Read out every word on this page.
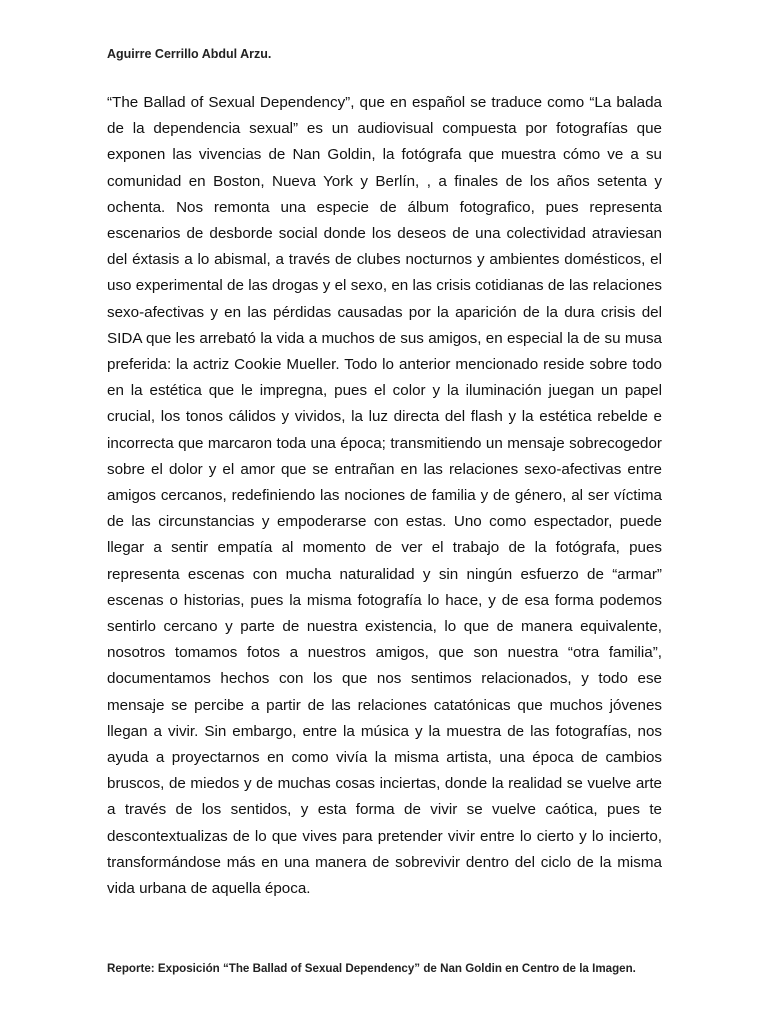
Aguirre Cerrillo Abdul Arzu.

“The Ballad of Sexual Dependency”, que en español se traduce como “La balada de la dependencia sexual” es un audiovisual compuesta por fotografías que exponen las vivencias de Nan Goldin, la fotógrafa que muestra cómo ve a su comunidad en Boston, Nueva York y Berlín, , a finales de los años setenta y ochenta. Nos remonta una especie de álbum fotografico, pues representa escenarios de desborde social donde los deseos de una colectividad atraviesan del éxtasis a lo abismal, a través de clubes nocturnos y ambientes domésticos, el uso experimental de las drogas y el sexo, en las crisis cotidianas de las relaciones sexo-afectivas y en las pérdidas causadas por la aparición de la dura crisis del SIDA que les arrebató la vida a muchos de sus amigos, en especial la de su musa preferida: la actriz Cookie Mueller. Todo lo anterior mencionado reside sobre todo en la estética que le impregna, pues el color y la iluminación juegan un papel crucial, los tonos cálidos y vividos, la luz directa del flash y la estética rebelde e incorrecta que marcaron toda una época; transmitiendo un mensaje sobrecogedor sobre el dolor y el amor que se entrañan en las relaciones sexo-afectivas entre amigos cercanos, redefiniendo las nociones de familia y de género, al ser víctima de las circunstancias y empoderarse con estas. Uno como espectador, puede llegar a sentir empatía al momento de ver el trabajo de la fotógrafa, pues representa escenas con mucha naturalidad y sin ningún esfuerzo de “armar” escenas o historias, pues la misma fotografía lo hace, y de esa forma podemos sentirlo cercano y parte de nuestra existencia, lo que de manera equivalente, nosotros tomamos fotos a nuestros amigos, que son nuestra “otra familia”, documentamos hechos con los que nos sentimos relacionados, y todo ese mensaje se percibe a partir de las relaciones catatónicas que muchos jóvenes llegan a vivir. Sin embargo, entre la música y la muestra de las fotografías, nos ayuda a proyectarnos en como vivía la misma artista, una época de cambios bruscos, de miedos y de muchas cosas inciertas, donde la realidad se vuelve arte a través de los sentidos, y esta forma de vivir se vuelve caótica, pues te descontextualizas de lo que vives para pretender vivir entre lo cierto y lo incierto, transformándose más en una manera de sobrevivir dentro del ciclo de la misma vida urbana de aquella época.

Reporte: Exposición “The Ballad of Sexual Dependency” de Nan Goldin en Centro de la Imagen.
